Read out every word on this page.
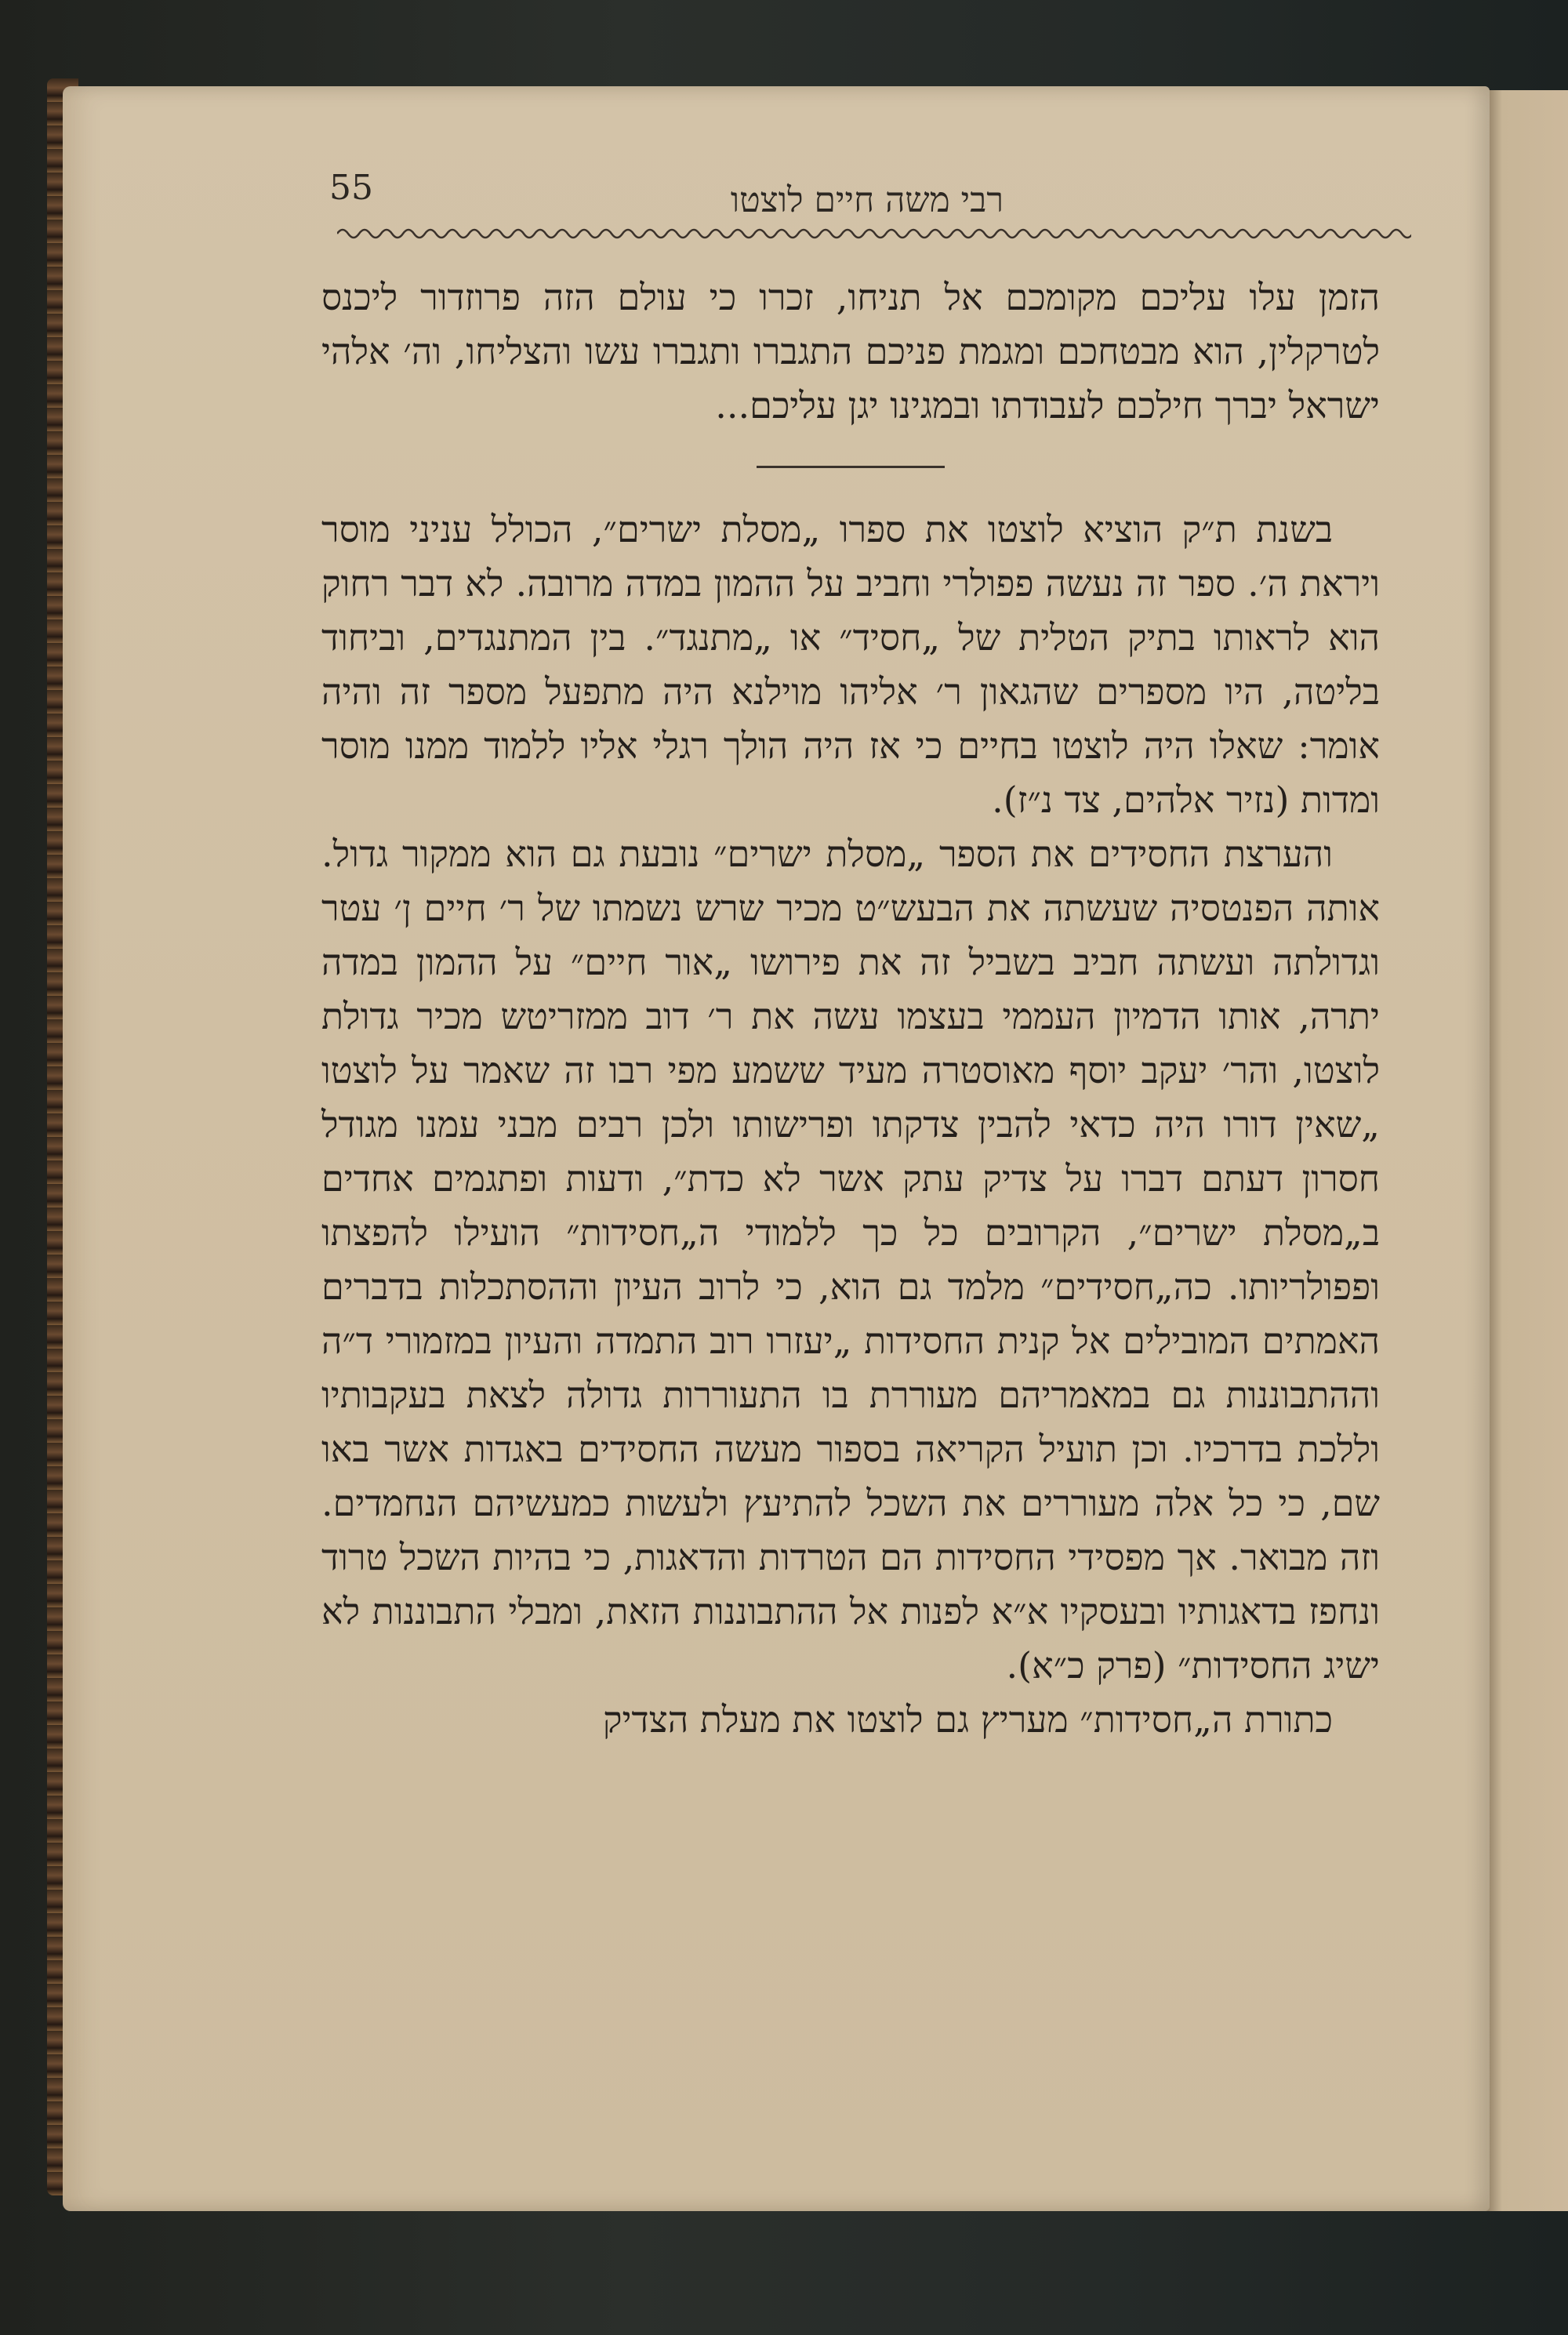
55	רבי משה חיים לוצטו

הזמן עלו עליכם מקומכם אל תניחו, זכרו כי עולם הזה פרוזדור ליכנס לטרקלין, הוא מבטחכם ומגמת פניכם התגברו ותגברו עשו והצליחו, וה׳ אלהי ישראל יברך חילכם לעבודתו ובמגינו יגן עליכם...

בשנת ת״ק הוציא לוצטו את ספרו „מסלת ישרים״, הכולל עניני מוסר ויראת ה׳. ספר זה נעשה פפולרי וחביב על ההמון במדה מרובה. לא דבר רחוק הוא לראותו בתיק הטלית של „חסיד״ או „מתנגד״. בין המתנגדים, וביחוד בליטה, היו מספרים שהגאון ר׳ אליהו מוילנא היה מתפעל מספר זה והיה אומר: שאלו היה לוצטו בחיים כי אז היה הולך רגלי אליו ללמוד ממנו מוסר ומדות (נזיר אלהים, צד נ״ז).

והערצת החסידים את הספר „מסלת ישרים״ נובעת גם הוא ממקור גדול. אותה הפנטסיה שעשתה את הבעש״ט מכיר שרש נשמתו של ר׳ חיים ן׳ עטר וגדולתה ועשתה חביב בשביל זה את פירושו „אור חיים״ על ההמון במדה יתרה, אותו הדמיון העממי בעצמו עשה את ר׳ דוב ממזריטש מכיר גדולת לוצטו, והר׳ יעקב יוסף מאוסטרה מעיד ששמע מפי רבו זה שאמר על לוצטו „שאין דורו היה כדאי להבין צדקתו ופרישותו ולכן רבים מבני עמנו מגודל חסרון דעתם דברו על צדיק עתק אשר לא כדת״, ודעות ופתגמים אחדים ב„מסלת ישרים״, הקרובים כל כך ללמודי ה„חסידות״ הועילו להפצתו ופפולריותו. כה„חסידים״ מלמד גם הוא, כי לרוב העיון וההסתכלות בדברים האמתים המובילים אל קנית החסידות „יעזרו רוב התמדה והעיון במזמורי ד״ה וההתבוננות גם במאמריהם מעוררת בו התעוררות גדולה לצאת בעקבותיו וללכת בדרכיו. וכן תועיל הקריאה בספור מעשה החסידים באגדות אשר באו שם, כי כל אלה מעוררים את השכל להתיעץ ולעשות כמעשיהם הנחמדים. וזה מבואר. אך מפסידי החסידות הם הטרדות והדאגות, כי בהיות השכל טרוד ונחפז בדאגותיו ובעסקיו א״א לפנות אל ההתבוננות הזאת, ומבלי התבוננות לא ישיג החסידות״ (פרק כ״א).

כתורת ה„חסידות״ מעריץ גם לוצטו את מעלת הצדיק
